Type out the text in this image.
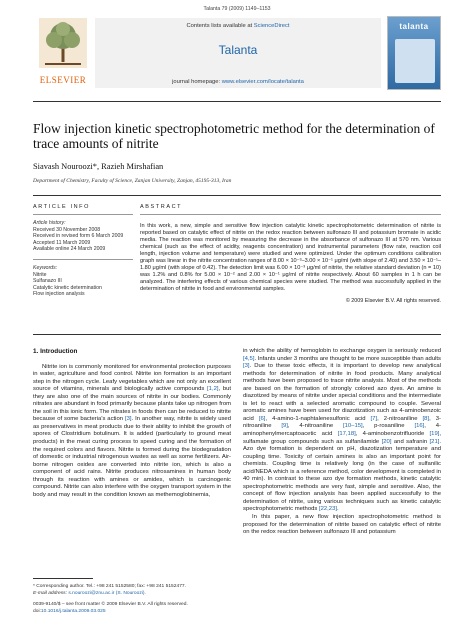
Talanta 79 (2009) 1149–1153
ELSEVIER
Contents lists available at ScienceDirect
Talanta
journal homepage: www.elsevier.com/locate/talanta
talanta
Flow injection kinetic spectrophotometric method for the determination of trace amounts of nitrite
Siavash Nouroozi*, Razieh Mirshafian
Department of Chemistry, Faculty of Science, Zanjan University, Zanjan, 45195-313, Iran
ARTICLE INFO
Article history:
Received 30 November 2008
Received in revised form 6 March 2009
Accepted 11 March 2009
Available online 24 March 2009
Keywords:
Nitrite
Sulfanazo III
Catalytic kinetic determination
Flow injection analysis
ABSTRACT
In this work, a new, simple and sensitive flow injection catalytic kinetic spectrophotometric determination of nitrite is reported based on catalytic effect of nitrite on the redox reaction between sulfonazo III and potassium bromate in acidic media. The reaction was monitored by measuring the decrease in the absorbance of sulfonazo III at 570 nm. Various chemical (such as the effect of acidity, reagents concentration) and instrumental parameters (flow rate, reaction coil length, injection volume and temperature) were studied and were optimized. Under the optimum conditions calibration graph was linear in the nitrite concentration ranges of 8.00 × 10⁻³–3.00 × 10⁻¹ μg/ml (with slope of 2.40) and 3.50 × 10⁻¹–1.80 μg/ml (with slope of 0.42). The detection limit was 6.00 × 10⁻³ μg/ml of nitrite, the relative standard deviation (n = 10) was 1.2% and 0.8% for 5.00 × 10⁻² and 2.00 × 10⁻¹ μg/ml of nitrite respectively. About 60 samples in 1 h can be analyzed. The interfering effects of various chemical species were studied. The method was successfully applied in the determination of nitrite in food and environmental samples.
© 2009 Elsevier B.V. All rights reserved.
1. Introduction

Nitrite ion is commonly monitored for environmental protection purposes in water, agriculture and food control. Nitrite ion formation is an important step in the nitrogen cycle. Leafy vegetables which are not only an excellent source of vitamins, minerals and biologically active compounds [1,2], but they are also one of the main sources of nitrite in our bodies. Commonly nitrates are abundant in food primarily because plants take up nitrogen from the soil in this ionic form. The nitrates in foods then can be reduced to nitrite because of some bacteria's action [3]. In another way, nitrite is widely used as preservatives in meat products due to their ability to inhibit the growth of spores of Clostridium botulinum. It is added (particularly to ground meat products) in the meat curing process to speed curing and the formation of the required colors and flavors. Nitrite is formed during the biodegradation of domestic or industrial nitrogenous wastes as well as some fertilizers. Air-borne nitrogen oxides are converted into nitrite ion, which is also a component of acid rains. Nitrite produces nitrosamines in human body through its reaction with amines or amides, which is carcinogenic compound. Nitrite can also interfere with the oxygen transport system in the body and may result in the condition known as methemoglobinemia,

in which the ability of hemoglobin to exchange oxygen is seriously reduced [4,5]. Infants under 3 months are thought to be more susceptible than adults [3]. Due to these toxic effects, it is important to develop new analytical methods for determination of nitrite in food products. Many analytical methods have been proposed to trace nitrite analysis. Most of the methods are based on the formation of strongly colored azo dyes. An amine is diazotized by means of nitrite under special conditions and the intermediate is let to react with a selected aromatic compound to couple. Several aromatic amines have been used for diazotization such as 4-aminobenzoic acid [6], 4-amino-1-naphtalenesulfonic acid [7], 2-nitroaniline [8], 3-nitroaniline [9], 4-nitroaniline [10–15], p-rosaniline [16], 4-aminophenylmercaptoacetic acid [17,18], 4-aminobenzotrifluoride [19], sulfamate group compounds such as sulfanilamide [20] and safranin [21]. Azo dye formation is dependent on pH, diazotization temperature and coupling time. Toxicity of certain amines is also an important point for chemists. Coupling time is relatively long (in the case of sulfanilic acid/NEDA which is a reference method, color development is completed in 40 min). In contrast to these azo dye formation methods, kinetic catalytic spectrophotometric methods are very fast, simple and sensitive. Also, the concept of flow injection analysis has been applied successfully to the determination of nitrite, using various techniques such as kinetic catalytic spectrophotometric methods [22,23].

In this paper, a new flow injection spectrophotometric method is proposed for the determination of nitrite based on catalytic effect of nitrite on the redox reaction between sulfonazo III and potassium

* Corresponding author. Tel.: +98 241 5152580; fax: +98 241 5152477.
E-mail address: s.nouroozi@znu.ac.ir (S. Nouroozi).
0039-9140/$ – see front matter © 2009 Elsevier B.V. All rights reserved.
doi:10.1016/j.talanta.2009.03.025
